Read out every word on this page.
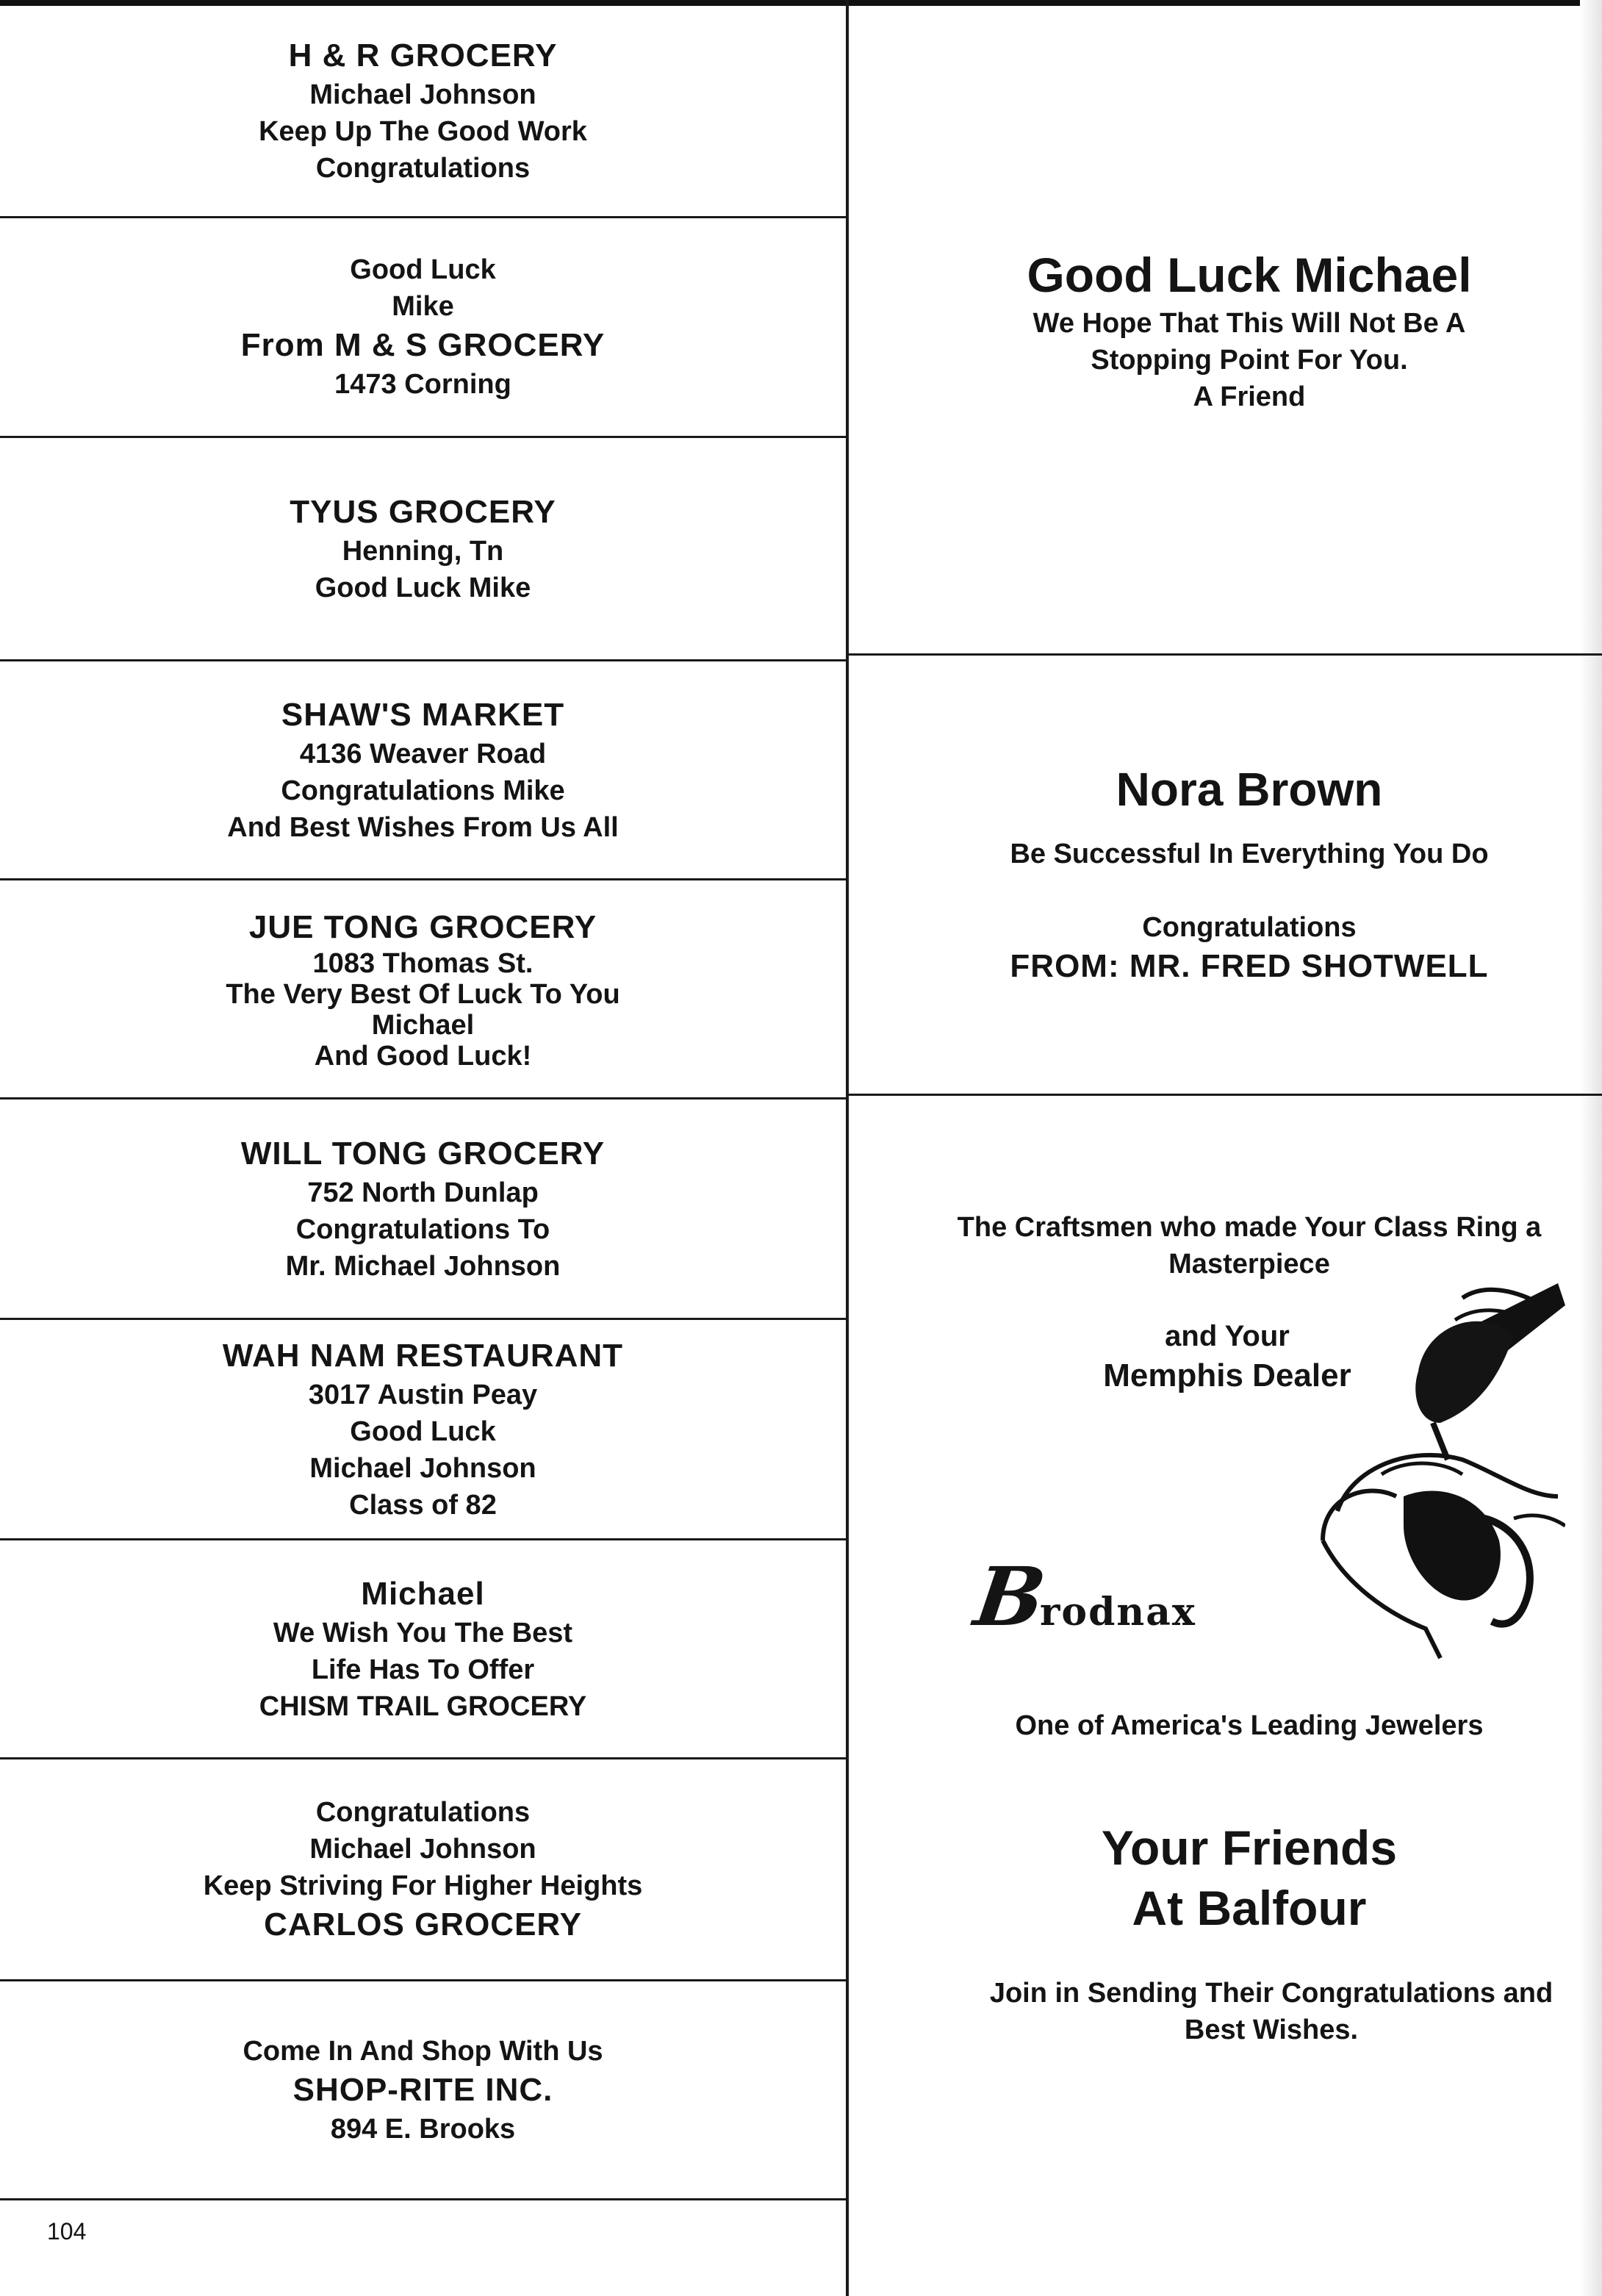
H & R GROCERY
Michael Johnson
Keep Up The Good Work
Congratulations
Good Luck
Mike
From M & S GROCERY
1473 Corning
TYUS GROCERY
Henning, Tn
Good Luck Mike
SHAW'S MARKET
4136 Weaver Road
Congratulations Mike
And Best Wishes From Us All
JUE TONG GROCERY
1083 Thomas St.
The Very Best Of Luck To You
Michael
And Good Luck!
WILL TONG GROCERY
752 North Dunlap
Congratulations To
Mr. Michael Johnson
WAH NAM RESTAURANT
3017 Austin Peay
Good Luck
Michael Johnson
Class of 82
Michael
We Wish You The Best
Life Has To Offer
CHISM TRAIL GROCERY
Congratulations
Michael Johnson
Keep Striving For Higher Heights
CARLOS GROCERY
Come In And Shop With Us
SHOP-RITE INC.
894 E. Brooks
104
Good Luck Michael
We Hope That This Will Not Be A
Stopping Point For You.
A Friend
Nora Brown
Be Successful In Everything You Do
Congratulations
FROM: MR. FRED SHOTWELL
The Craftsmen who made Your Class Ring a
Masterpiece
and Your
Memphis Dealer
Brodnax
One of America's Leading Jewelers
Your Friends
At Balfour
Join in Sending Their Congratulations and
Best Wishes.
